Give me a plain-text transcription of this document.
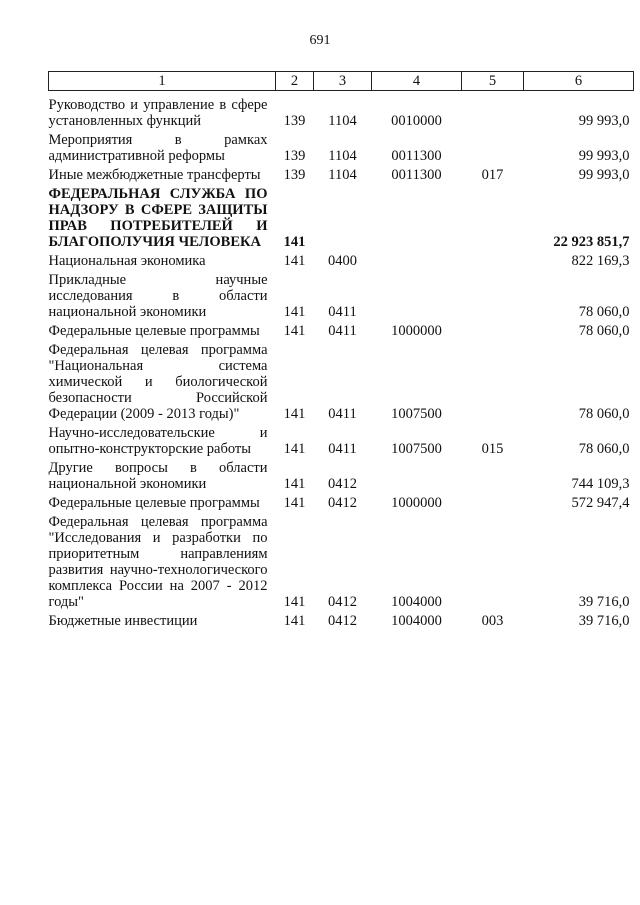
691
1	2	3	4	5	6
Руководство и управление в сфере установленных функций	139	1104	0010000		99 993,0
Мероприятия в рамках административной реформы	139	1104	0011300		99 993,0
Иные межбюджетные трансферты	139	1104	0011300	017	99 993,0
ФЕДЕРАЛЬНАЯ СЛУЖБА ПО НАДЗОРУ В СФЕРЕ ЗАЩИТЫ ПРАВ ПОТРЕБИТЕЛЕЙ И БЛАГОПОЛУЧИЯ ЧЕЛОВЕКА	141				22 923 851,7
Национальная экономика	141	0400			822 169,3
Прикладные научные исследования в области национальной экономики	141	0411			78 060,0
Федеральные целевые программы	141	0411	1000000		78 060,0
Федеральная целевая программа "Национальная система химической и биологической безопасности Российской Федерации (2009 - 2013 годы)"	141	0411	1007500		78 060,0
Научно-исследовательские и опытно-конструкторские работы	141	0411	1007500	015	78 060,0
Другие вопросы в области национальной экономики	141	0412			744 109,3
Федеральные целевые программы	141	0412	1000000		572 947,4
Федеральная целевая программа "Исследования и разработки по приоритетным направлениям развития научно-технологического комплекса России на 2007 - 2012 годы"	141	0412	1004000		39 716,0
Бюджетные инвестиции	141	0412	1004000	003	39 716,0
